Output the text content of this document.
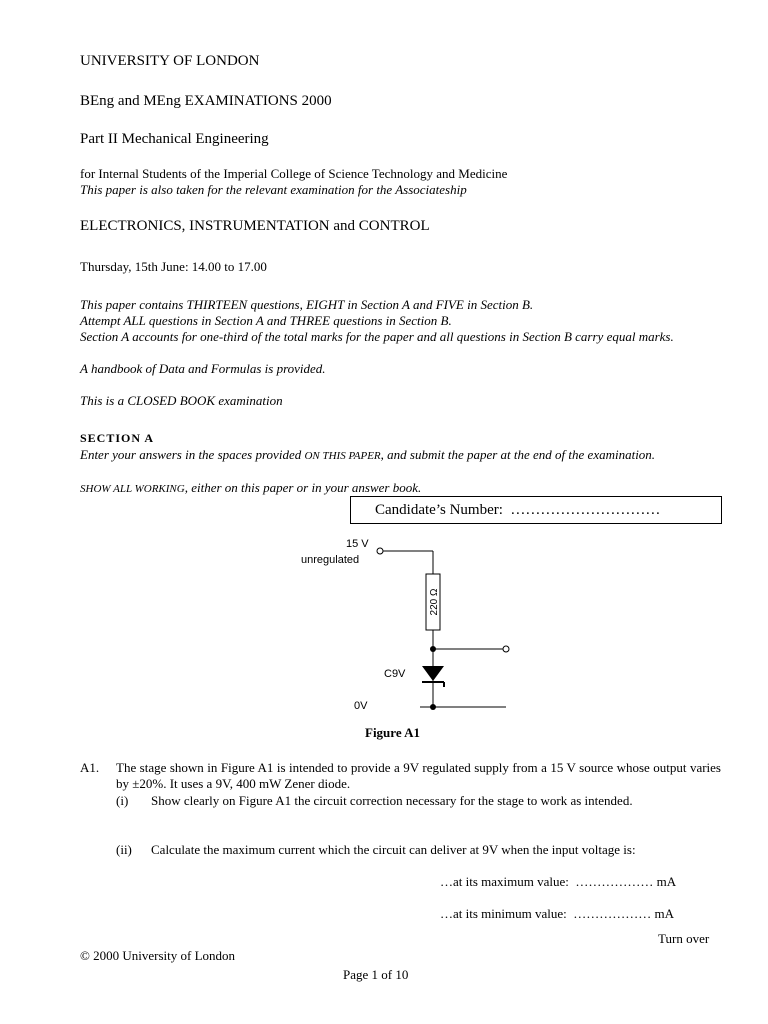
UNIVERSITY OF LONDON
BEng and MEng EXAMINATIONS 2000
Part II Mechanical Engineering
for Internal Students of the Imperial College of Science Technology and Medicine
This paper is also taken for the relevant examination for the Associateship
ELECTRONICS, INSTRUMENTATION and CONTROL
Thursday, 15th June: 14.00 to 17.00
This paper contains THIRTEEN questions, EIGHT in Section A and FIVE in Section B.
Attempt ALL questions in Section A and THREE questions in Section B.
Section A accounts for one-third of the total marks for the paper and all questions in Section B carry equal marks.
A handbook of Data and Formulas is provided.
This is a CLOSED BOOK examination
SECTION A
Enter your answers in the spaces provided ON THIS PAPER, and submit the paper at the end of the examination.
SHOW ALL WORKING, either on this paper or in your answer book.
Candidate’s Number: …………………………
15 V
unregulated
220 Ω
C9V
0V
Figure A1
A1. The stage shown in Figure A1 is intended to provide a 9V regulated supply from a 15 V source whose output varies by ±20%. It uses a 9V, 400 mW Zener diode.
(i) Show clearly on Figure A1 the circuit correction necessary for the stage to work as intended.
(ii) Calculate the maximum current which the circuit can deliver at 9V when the input voltage is:
…at its maximum value: ……………… mA
…at its minimum value: ……………… mA
Turn over
© 2000 University of London
Page 1 of 10
